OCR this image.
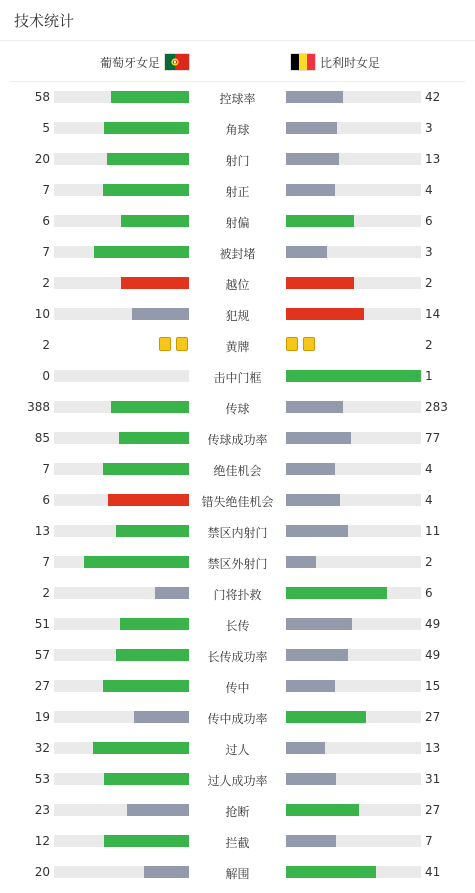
技术统计
葡萄牙女足	比利时女足
58	控球率	42
5	角球	3
20	射门	13
7	射正	4
6	射偏	6
7	被封堵	3
2	越位	2
10	犯规	14
2	黄牌	2
0	击中门框	1
388	传球	283
85	传球成功率	77
7	绝佳机会	4
6	错失绝佳机会	4
13	禁区内射门	11
7	禁区外射门	2
2	门将扑救	6
51	长传	49
57	长传成功率	49
27	传中	15
19	传中成功率	27
32	过人	13
53	过人成功率	31
23	抢断	27
12	拦截	7
20	解围	41
